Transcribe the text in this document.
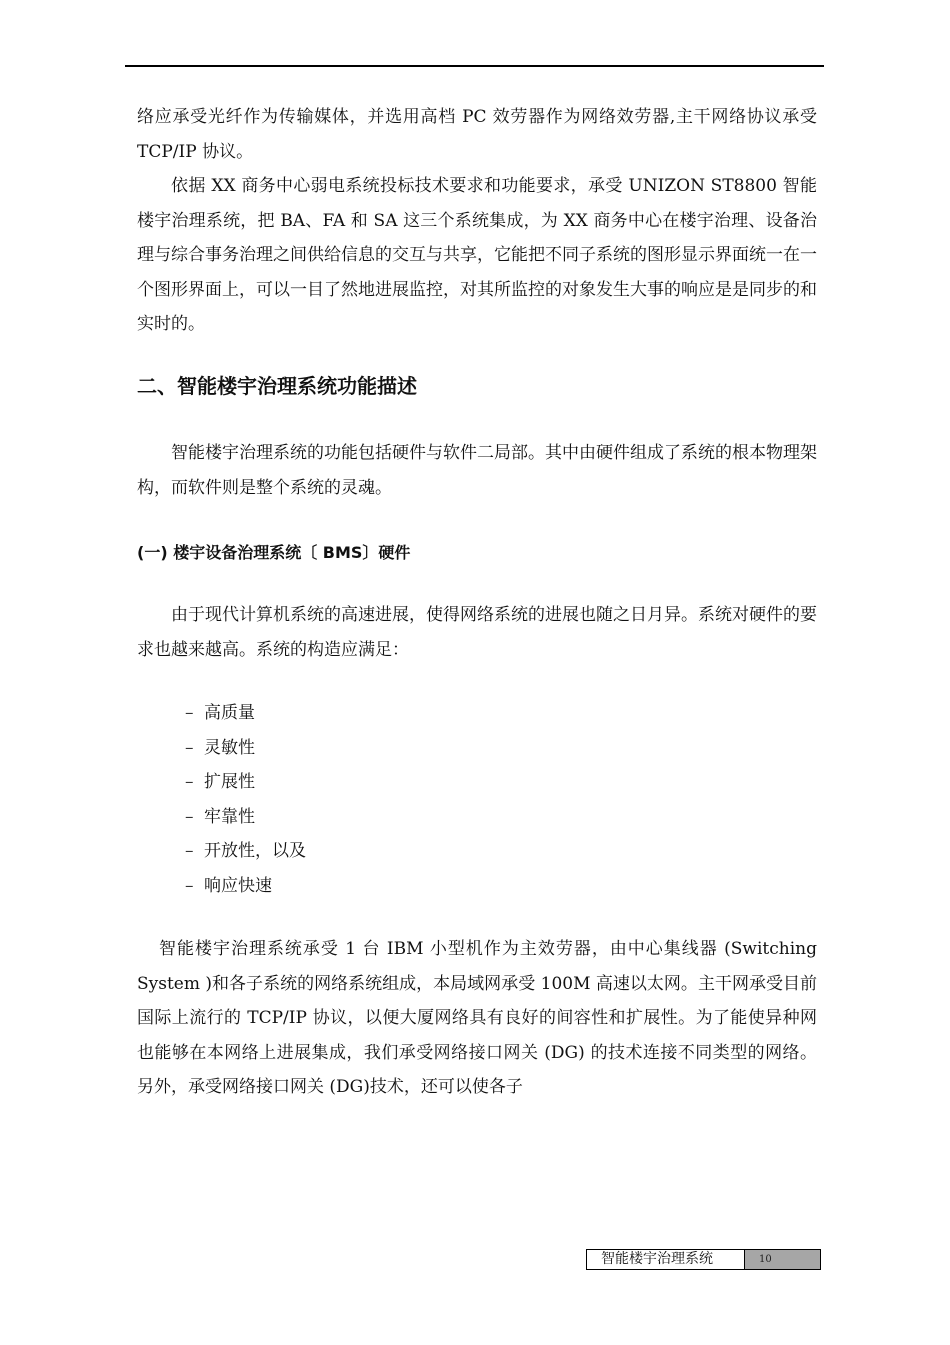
络应承受光纤作为传输媒体，并选用高档 PC 效劳器作为网络效劳器,主干网络协议承受 TCP/IP 协议。

依据 XX 商务中心弱电系统投标技术要求和功能要求，承受 UNIZON ST8800 智能楼宇治理系统，把 BA、FA 和 SA 这三个系统集成，为 XX 商务中心在楼宇治理、设备治理与综合事务治理之间供给信息的交互与共享，它能把不同子系统的图形显示界面统一在一个图形界面上，可以一目了然地进展监控，对其所监控的对象发生大事的响应是是同步的和实时的。

二、智能楼宇治理系统功能描述

智能楼宇治理系统的功能包括硬件与软件二局部。其中由硬件组成了系统的根本物理架构，而软件则是整个系统的灵魂。

(一) 楼宇设备治理系统〔 BMS〕硬件

由于现代计算机系统的高速进展，使得网络系统的进展也随之日月异。系统对硬件的要求也越来越高。系统的构造应满足：

– 高质量
– 灵敏性
– 扩展性
– 牢靠性
– 开放性，以及
– 响应快速

智能楼宇治理系统承受 1 台 IBM 小型机作为主效劳器，由中心集线器 (Switching System )和各子系统的网络系统组成，本局域网承受 100M 高速以太网。主干网承受目前国际上流行的 TCP/IP 协议，以便大厦网络具有良好的间容性和扩展性。为了能使异种网也能够在本网络上进展集成，我们承受网络接口网关 (DG) 的技术连接不同类型的网络。另外，承受网络接口网关 (DG)技术，还可以使各子

智能楼宇治理系统	10
